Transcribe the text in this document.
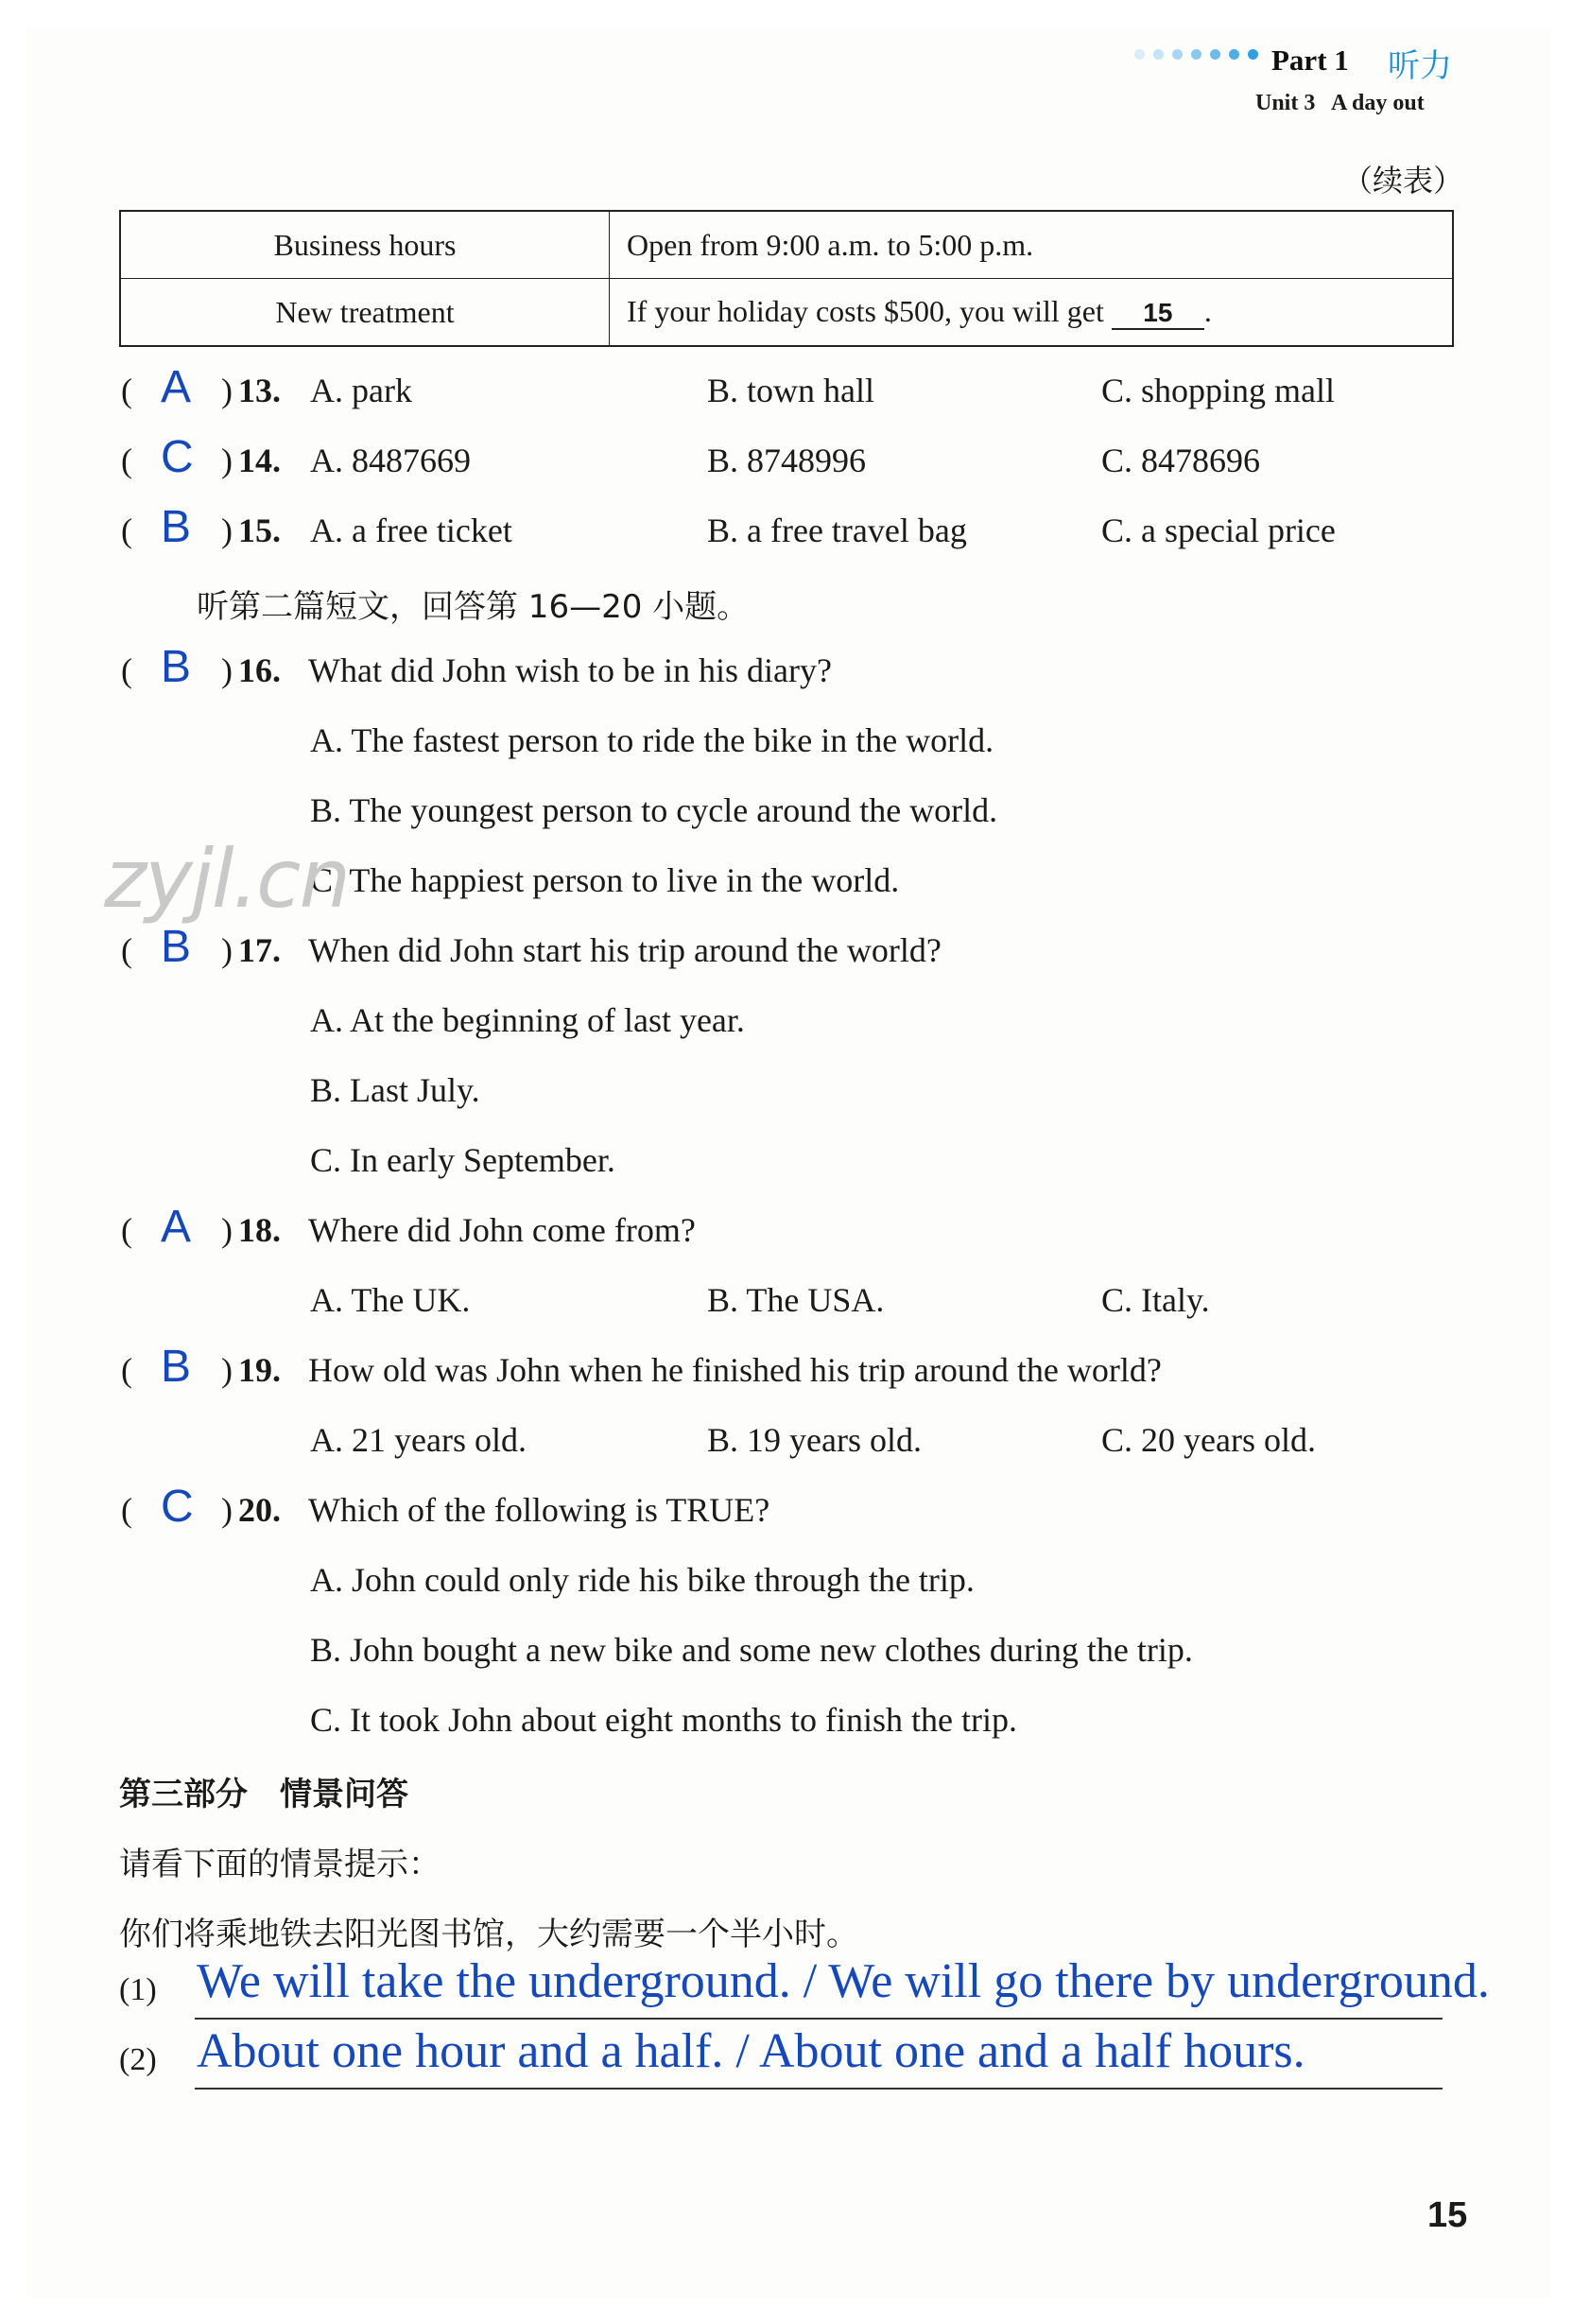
Part 1 听力
Unit 3 A day out
（续表）
Business hours	Open from 9:00 a.m. to 5:00 p.m.
New treatment	If your holiday costs $500, you will get 15 .
( A ) 13. A. park	B. town hall	C. shopping mall
( C ) 14. A. 8487669	B. 8748996	C. 8478696
( B ) 15. A. a free ticket	B. a free travel bag	C. a special price
听第二篇短文，回答第 16—20 小题。
( B ) 16. What did John wish to be in his diary?
A. The fastest person to ride the bike in the world.
B. The youngest person to cycle around the world.
C. The happiest person to live in the world.
( B ) 17. When did John start his trip around the world?
A. At the beginning of last year.
B. Last July.
C. In early September.
( A ) 18. Where did John come from?
A. The UK.	B. The USA.	C. Italy.
( B ) 19. How old was John when he finished his trip around the world?
A. 21 years old.	B. 19 years old.	C. 20 years old.
( C ) 20. Which of the following is TRUE?
A. John could only ride his bike through the trip.
B. John bought a new bike and some new clothes during the trip.
C. It took John about eight months to finish the trip.
第三部分　情景问答
请看下面的情景提示：
你们将乘地铁去阳光图书馆，大约需要一个半小时。
(1) We will take the underground. / We will go there by underground.
(2) About one hour and a half. / About one and a half hours.
zyjl.cn
15
